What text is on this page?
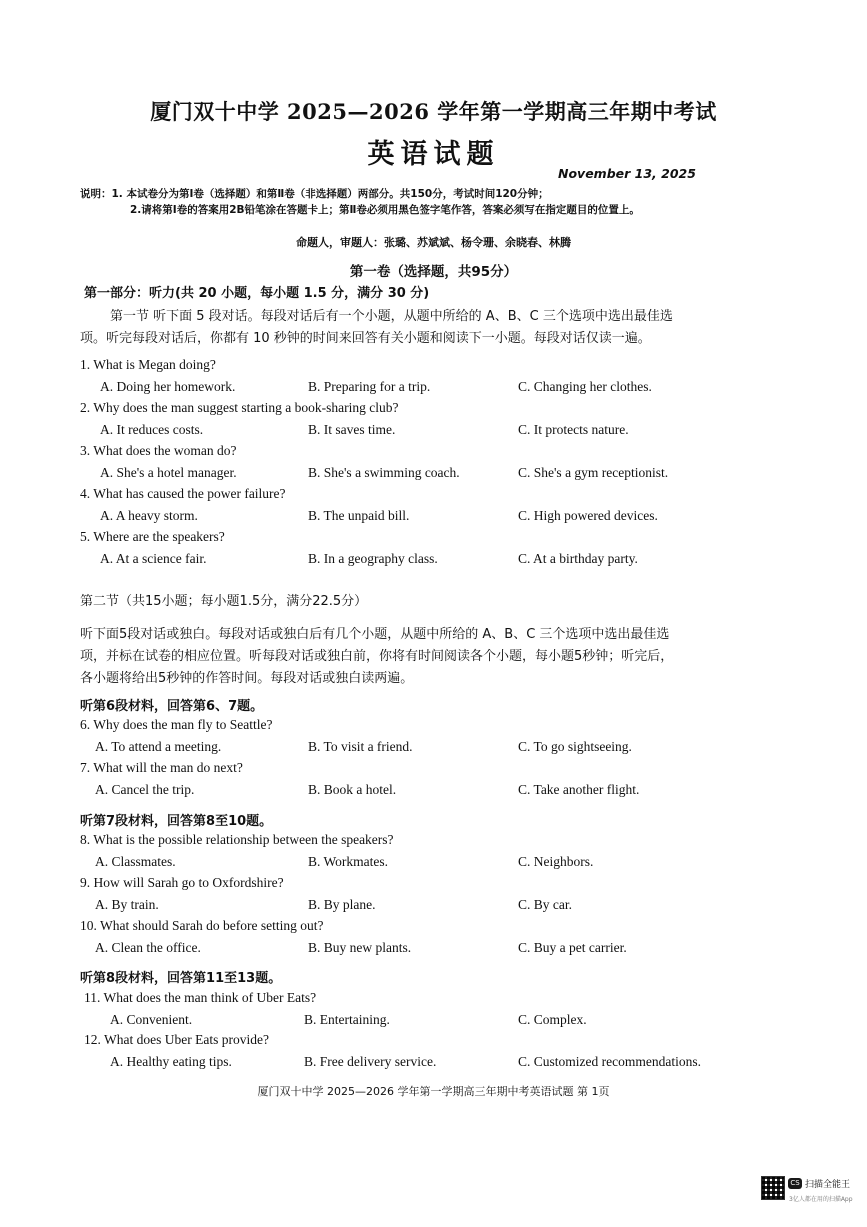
厦门双十中学 2025—2026 学年第一学期高三年期中考试
英语试题
November 13, 2025
说明：1. 本试卷分为第Ⅰ卷（选择题）和第Ⅱ卷（非选择题）两部分。共150分，考试时间120分钟；
2.请将第Ⅰ卷的答案用2B铅笔涂在答题卡上；第Ⅱ卷必须用黑色签字笔作答，答案必须写在指定题目的位置上。
命题人，审题人：张璐、苏斌斌、杨令珊、余晓春、林腾
第一卷（选择题，共95分）
第一部分：听力(共 20 小题，每小题 1.5 分，满分 30 分)
第一节 听下面 5 段对话。每段对话后有一个小题，从题中所给的 A、B、C 三个选项中选出最佳选
项。听完每段对话后，你都有 10 秒钟的时间来回答有关小题和阅读下一小题。每段对话仅读一遍。
1. What is Megan doing?
A. Doing her homework.	B. Preparing for a trip.	C. Changing her clothes.
2. Why does the man suggest starting a book-sharing club?
A. It reduces costs.	B. It saves time.	C. It protects nature.
3. What does the woman do?
A. She's a hotel manager.	B. She's a swimming coach.	C. She's a gym receptionist.
4. What has caused the power failure?
A. A heavy storm.	B. The unpaid bill.	C. High powered devices.
5. Where are the speakers?
A. At a science fair.	B. In a geography class.	C. At a birthday party.
第二节（共15小题；每小题1.5分，满分22.5分）
听下面5段对话或独白。每段对话或独白后有几个小题，从题中所给的 A、B、C 三个选项中选出最佳选
项，并标在试卷的相应位置。听每段对话或独白前，你将有时间阅读各个小题，每小题5秒钟；听完后，
各小题将给出5秒钟的作答时间。每段对话或独白读两遍。
听第6段材料，回答第6、7题。
6. Why does the man fly to Seattle?
A. To attend a meeting.	B. To visit a friend.	C. To go sightseeing.
7. What will the man do next?
A. Cancel the trip.	B. Book a hotel.	C. Take another flight.
听第7段材料，回答第8至10题。
8. What is the possible relationship between the speakers?
A. Classmates.	B. Workmates.	C. Neighbors.
9. How will Sarah go to Oxfordshire?
A. By train.	B. By plane.	C. By car.
10. What should Sarah do before setting out?
A. Clean the office.	B. Buy new plants.	C. Buy a pet carrier.
听第8段材料，回答第11至13题。
11. What does the man think of Uber Eats?
A. Convenient.	B. Entertaining.	C. Complex.
12. What does Uber Eats provide?
A. Healthy eating tips.	B. Free delivery service.	C. Customized recommendations.
厦门双十中学 2025—2026 学年第一学期高三年期中考英语试题 第 1页
CS 扫描全能王
3亿人都在用的扫描App
